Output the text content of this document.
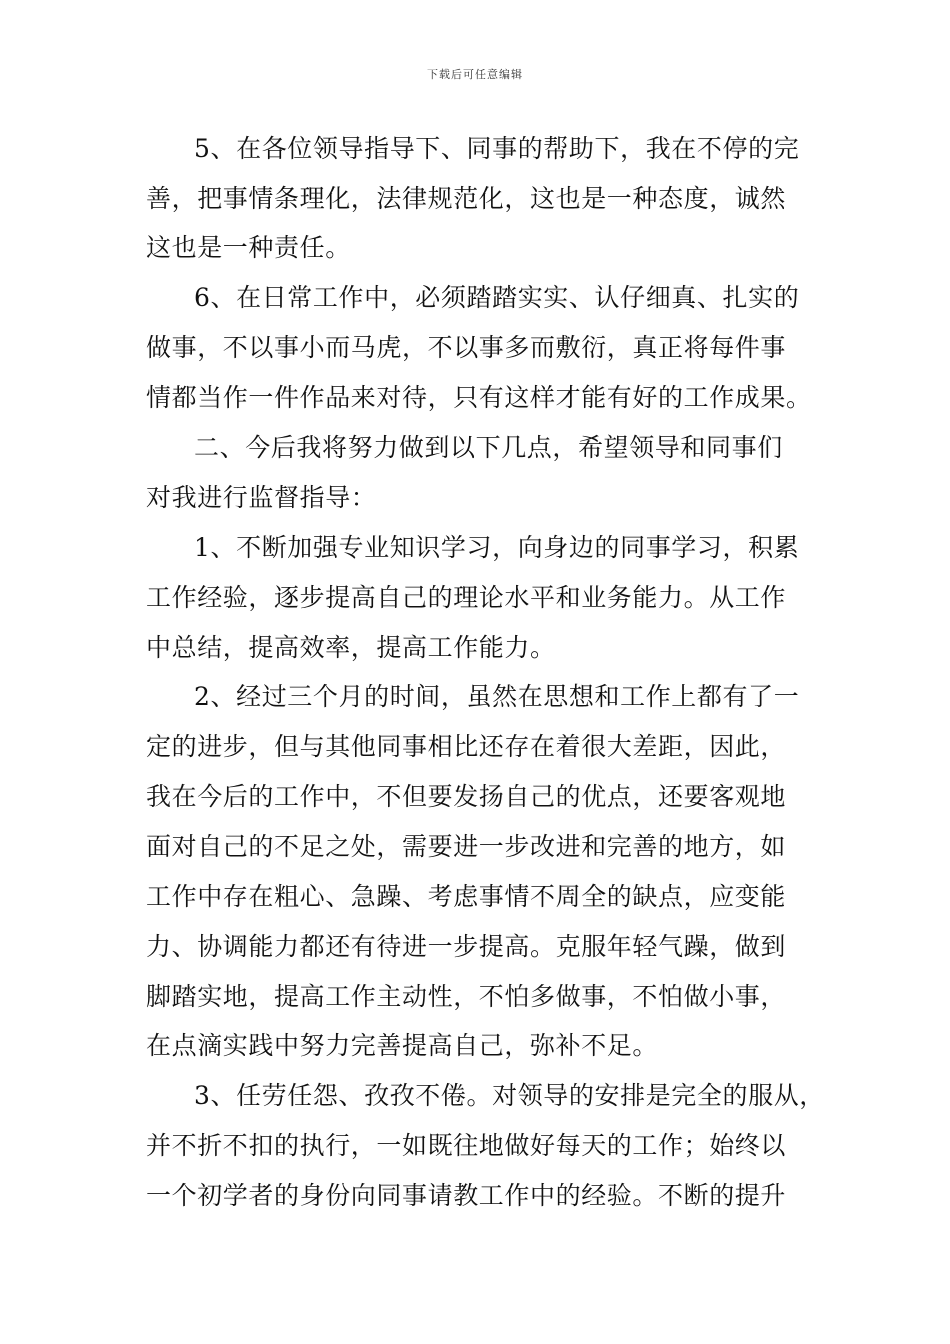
下载后可任意编辑
5、在各位领导指导下、同事的帮助下，我在不停的完
善，把事情条理化，法律规范化，这也是一种态度，诚然
这也是一种责任。
6、在日常工作中，必须踏踏实实、认仔细真、扎实的
做事，不以事小而马虎，不以事多而敷衍，真正将每件事
情都当作一件作品来对待，只有这样才能有好的工作成果。
二、今后我将努力做到以下几点，希望领导和同事们
对我进行监督指导：
1、不断加强专业知识学习，向身边的同事学习，积累
工作经验，逐步提高自己的理论水平和业务能力。从工作
中总结，提高效率，提高工作能力。
2、经过三个月的时间，虽然在思想和工作上都有了一
定的进步，但与其他同事相比还存在着很大差距，因此，
我在今后的工作中，不但要发扬自己的优点，还要客观地
面对自己的不足之处，需要进一步改进和完善的地方，如
工作中存在粗心、急躁、考虑事情不周全的缺点，应变能
力、协调能力都还有待进一步提高。克服年轻气躁，做到
脚踏实地，提高工作主动性，不怕多做事，不怕做小事，
在点滴实践中努力完善提高自己，弥补不足。
3、任劳任怨、孜孜不倦。对领导的安排是完全的服从，
并不折不扣的执行，一如既往地做好每天的工作；始终以
一个初学者的身份向同事请教工作中的经验。不断的提升
